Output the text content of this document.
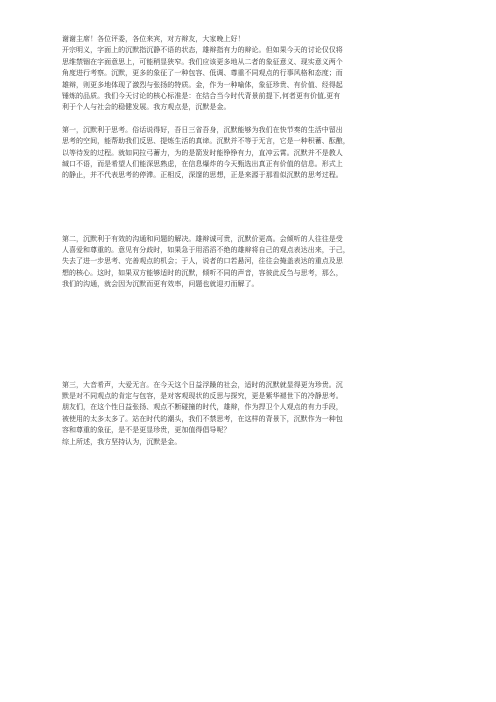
谢谢主席！各位评委，各位来宾，对方辩友，大家晚上好！
开宗明义，字面上的沉默指沉静不语的状态，雄辩指有力的辩论。但如果今天的讨论仅仅将
思维禁锢在字面意思上，可能稍显狭窄。我们应该更多地从二者的象征意义、现实意义两个
角度进行考察。沉默，更多的象征了一种包容、低调、尊重不同观点的行事风格和态度；而
雄辩，则更多地体现了激烈与张扬的特质。金，作为一种喻体，象征珍贵、有价值、经得起
锤炼的品质。我们今天讨论的核心标准是：在结合当今时代背景前提下,何者更有价值,更有
利于个人与社会的稳健发展。我方观点是，沉默是金。
第一，沉默利于思考。俗话说得好，吾日三省吾身，沉默能够为我们在快节奏的生活中留出
思考的空间，能帮助我们反思、提炼生活的真谛。沉默并不等于无言，它是一种积蓄、酝酿，
以等待发的过程。就如同拉弓蓄力，为的是箭发时能铮铮有力，直冲云霄。沉默并不是教人
缄口不语，而是希望人们能深思熟虑，在信息爆炸的今天甄选出真正有价值的信息。形式上
的静止，并不代表思考的停滞。正相反，深邃的思想，正是来源于那看似沉默的思考过程。
第二，沉默利于有效的沟通和问题的解决。雄辩诚可贵，沉默价更高。会倾听的人往往是受
人喜爱和尊重的。意见有分歧时，如果急于用滔滔不绝的雄辩将自己的观点表达出来，于己，
失去了进一步思考、完善观点的机会；于人，说者的口若悬河，往往会掩盖表达的重点及思
想的核心。这时，如果双方能够适时的沉默，倾听不同的声音，容彼此反刍与思考，那么，
我们的沟通，就会因为沉默而更有效率，问题也就迎刃而解了。
第三，大音希声，大爱无言。在今天这个日益浮躁的社会，适时的沉默就显得更为珍贵。沉
默是对不同观点的肯定与包容，是对客观现状的反思与探究，更是紫华褪世下的冷静思考。
朋友们，在这个性日益张扬、观点不断碰撞的时代，雄辩，作为捍卫个人观点的有力手段，
被使用的太多太多了。站在时代的潮头，我们不禁思考，在这样的背景下，沉默作为一种包
容和尊重的象征，是不是更显珍贵，更加值得倡导呢？
综上所述，我方坚持认为，沉默是金。
